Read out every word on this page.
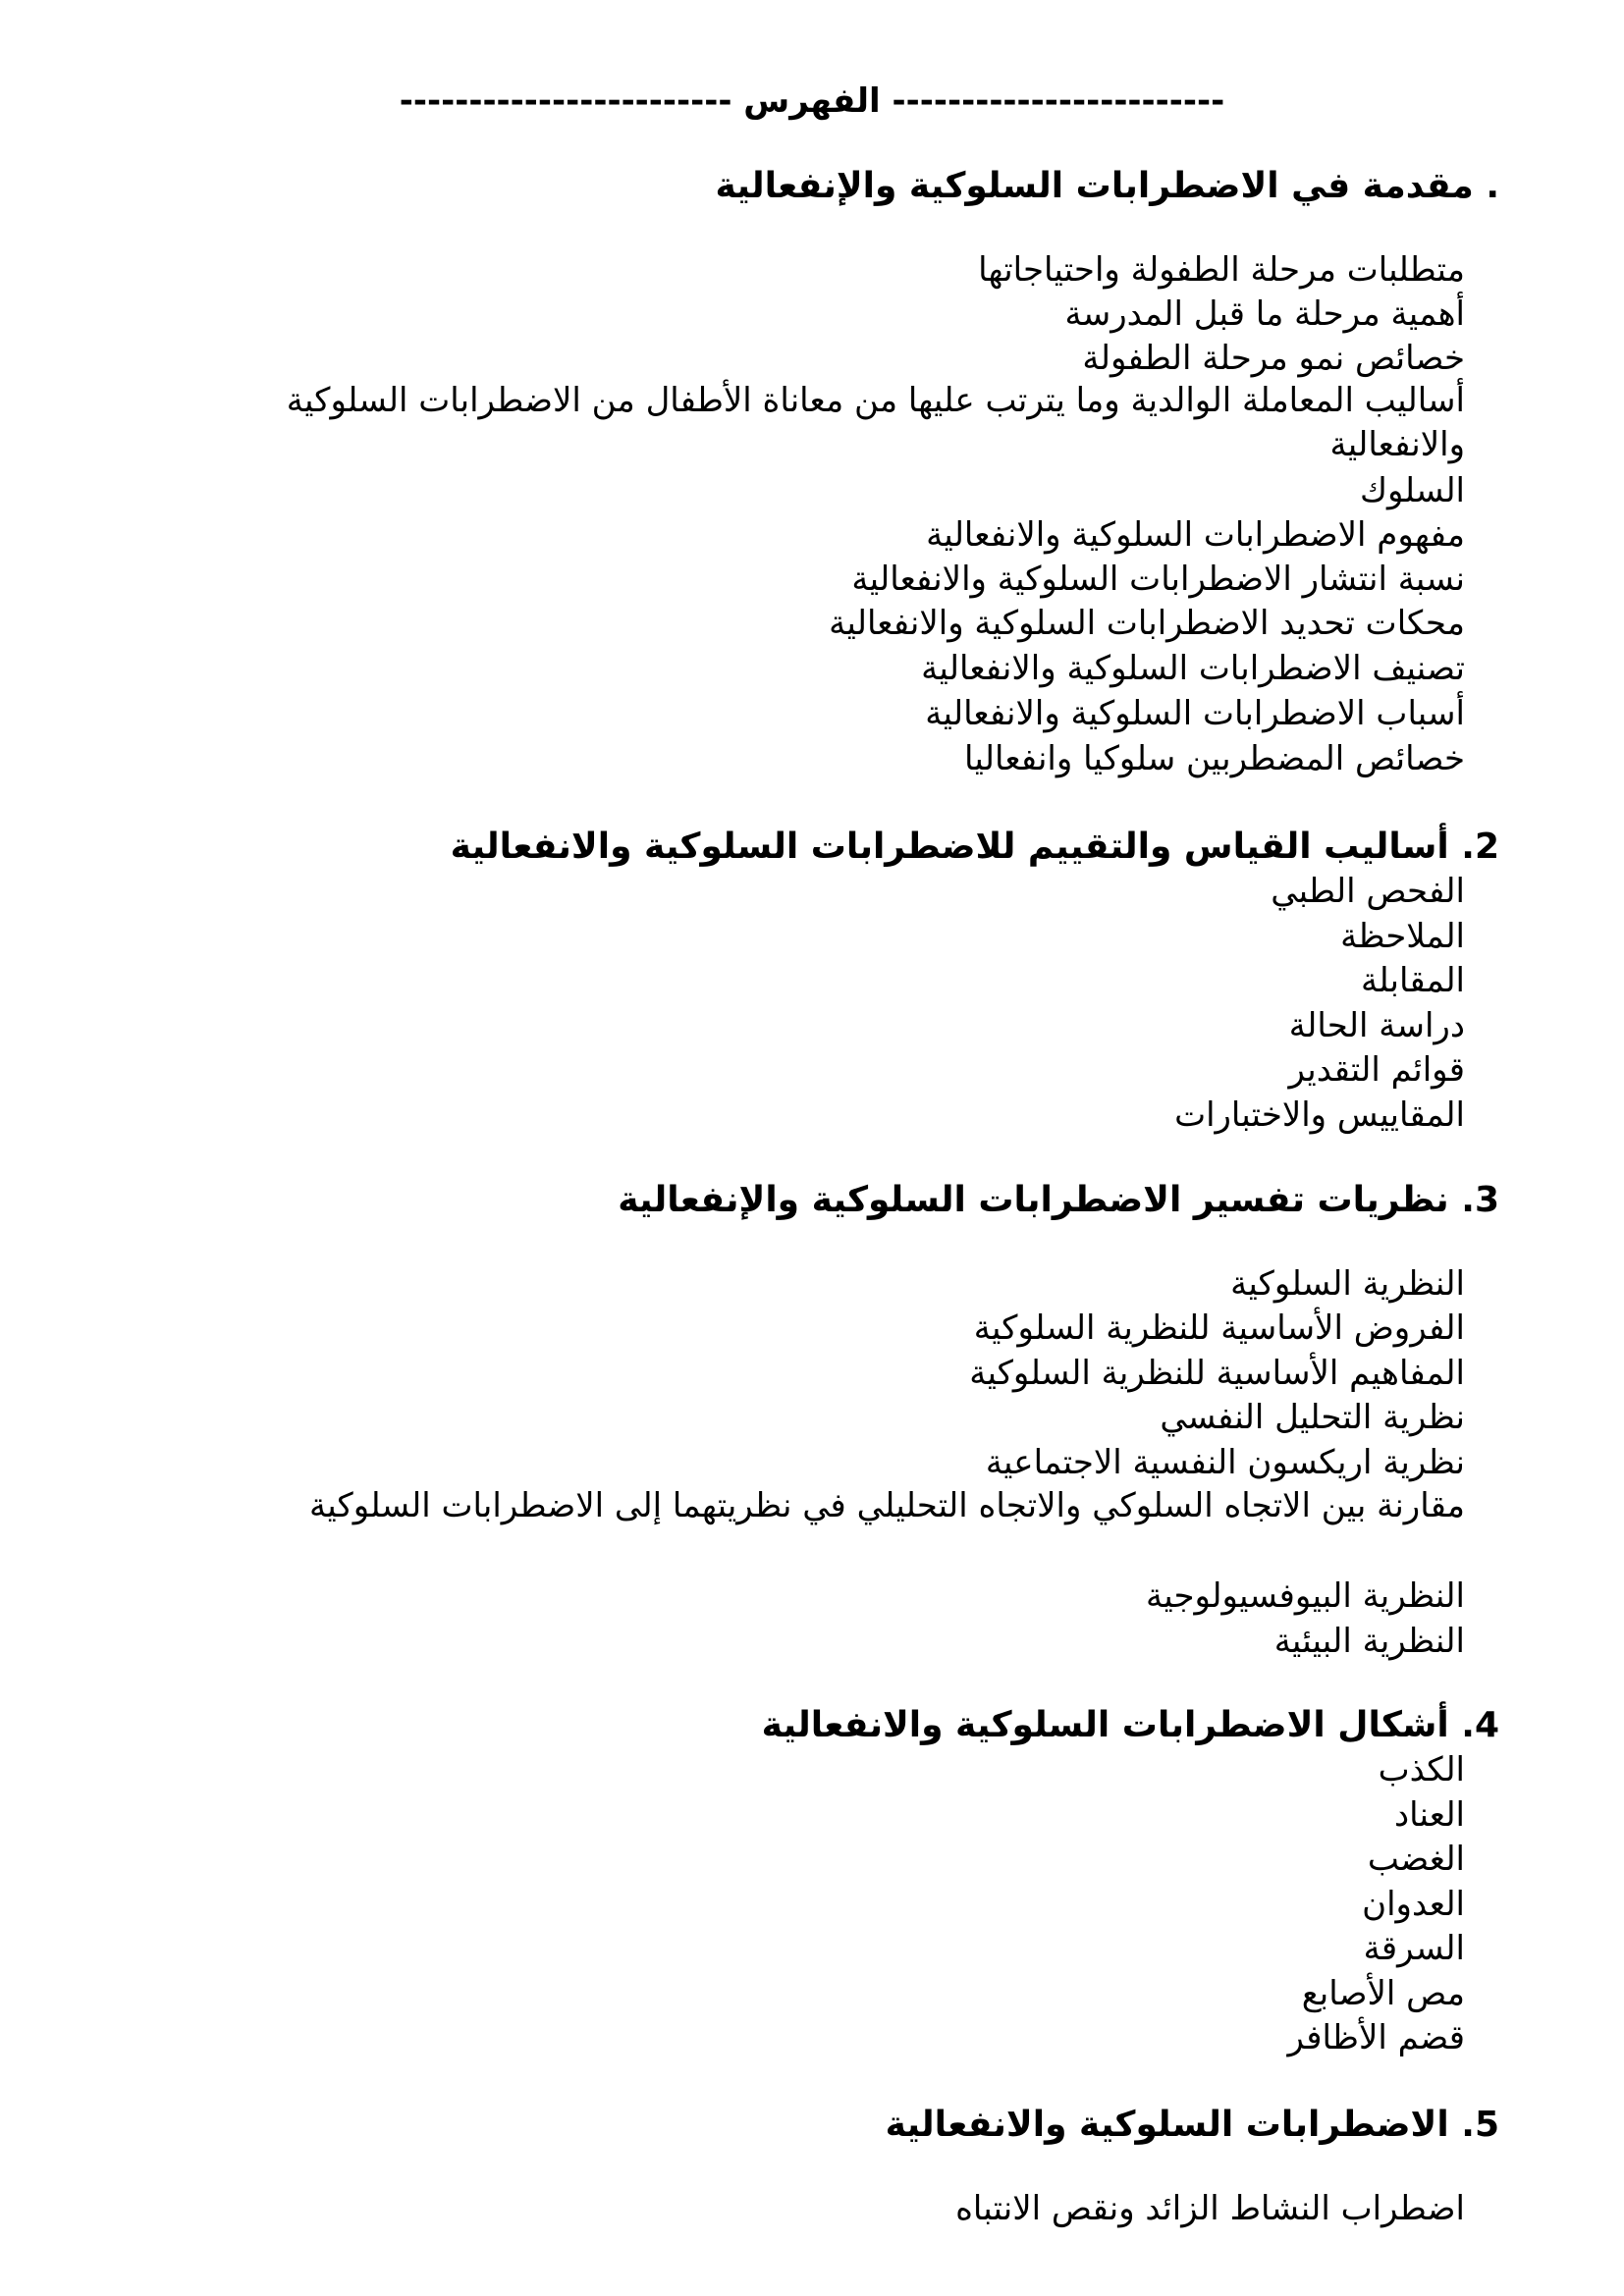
------------------------ الفهرس ------------------------
. مقدمة في الاضطرابات السلوكية والإنفعالية
متطلبات مرحلة الطفولة واحتياجاتها
أهمية مرحلة ما قبل المدرسة
خصائص نمو مرحلة الطفولة
أساليب المعاملة الوالدية وما يترتب عليها من معاناة الأطفال من الاضطرابات السلوكية والانفعالية
السلوك
مفهوم الاضطرابات السلوكية والانفعالية
نسبة انتشار الاضطرابات السلوكية والانفعالية
محكات تحديد الاضطرابات السلوكية والانفعالية
تصنيف الاضطرابات السلوكية والانفعالية
أسباب الاضطرابات السلوكية والانفعالية
خصائص المضطربين سلوكيا وانفعاليا
2. أساليب القياس والتقييم للاضطرابات السلوكية والانفعالية
الفحص الطبي
الملاحظة
المقابلة
دراسة الحالة
قوائم التقدير
المقاييس والاختبارات
3. نظريات تفسير الاضطرابات السلوكية والإنفعالية
النظرية السلوكية
الفروض الأساسية للنظرية السلوكية
المفاهيم الأساسية للنظرية السلوكية
نظرية التحليل النفسي
نظرية اريكسون النفسية الاجتماعية
مقارنة بين الاتجاه السلوكي والاتجاه التحليلي في نظريتهما إلى الاضطرابات السلوكية
النظرية البيوفسيولوجية
النظرية البيئية
4. أشكال الاضطرابات السلوكية والانفعالية
الكذب
العناد
الغضب
العدوان
السرقة
مص الأصابع
قضم الأظافر
5. الاضطرابات السلوكية والانفعالية
اضطراب النشاط الزائد ونقص الانتباه
